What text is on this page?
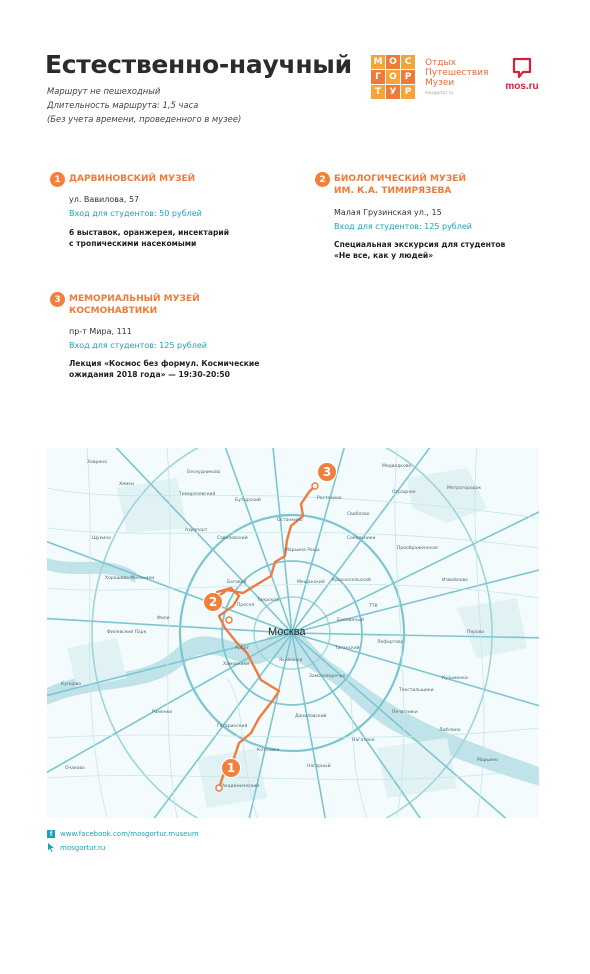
Естественно-научный
Маршрут не пешеходный
Длительность маршрута: 1,5 часа
(Без учета времени, проведенного в музее)
М О С
Г О Р
Т У Р
Отдых
Путешествия
Музеи
mosgortur.ru
mos.ru
1 ДАРВИНОВСКИЙ МУЗЕЙ
ул. Вавилова, 57
Вход для студентов: 50 рублей
6 выставок, оранжерея, инсектарий
с тропическими насекомыми
2 БИОЛОГИЧЕСКИЙ МУЗЕЙ
ИМ. К.А. ТИМИРЯЗЕВА
Малая Грузинская ул., 15
Вход для студентов: 125 рублей
Специальная экскурсия для студентов
«Не все, как у людей»
3 МЕМОРИАЛЬНЫЙ МУЗЕЙ
КОСМОНАВТИКИ
пр-т Мира, 111
Вход для студентов: 125 рублей
Лекция «Космос без формул. Космические
ожидания 2018 года» — 19:30-20:50
Ховрино
Бескудниково
Отрадное
Свиблово
Медведково
Метрогородок
Химки
Тимирязевский
Бутырский
Останкино
Ростокино
Сокольники
Преображенская
Измайлово
Аэропорт
Савеловский
Марьина Роща
Щукино
Хорошево-Мнёвники
Беговой
Пресня
Тверской
Мещанский Красносельский
Басманный
Лефортово
Перово
Филевский Парк
Арбат
Хамовники
Якиманка
Таганский
Замоскворечье	Кузьминки
Раменки
Гагаринский
Академический
Даниловский
Нагорный
Нагатино
Люблино
Печатники
Очаково
Кунцево
Фили
Текстильщики
Марьино
Котловка
ТТК
Москва
1
2
3
f	www.facebook.com/mosgortur.museum
mosgortur.ru
